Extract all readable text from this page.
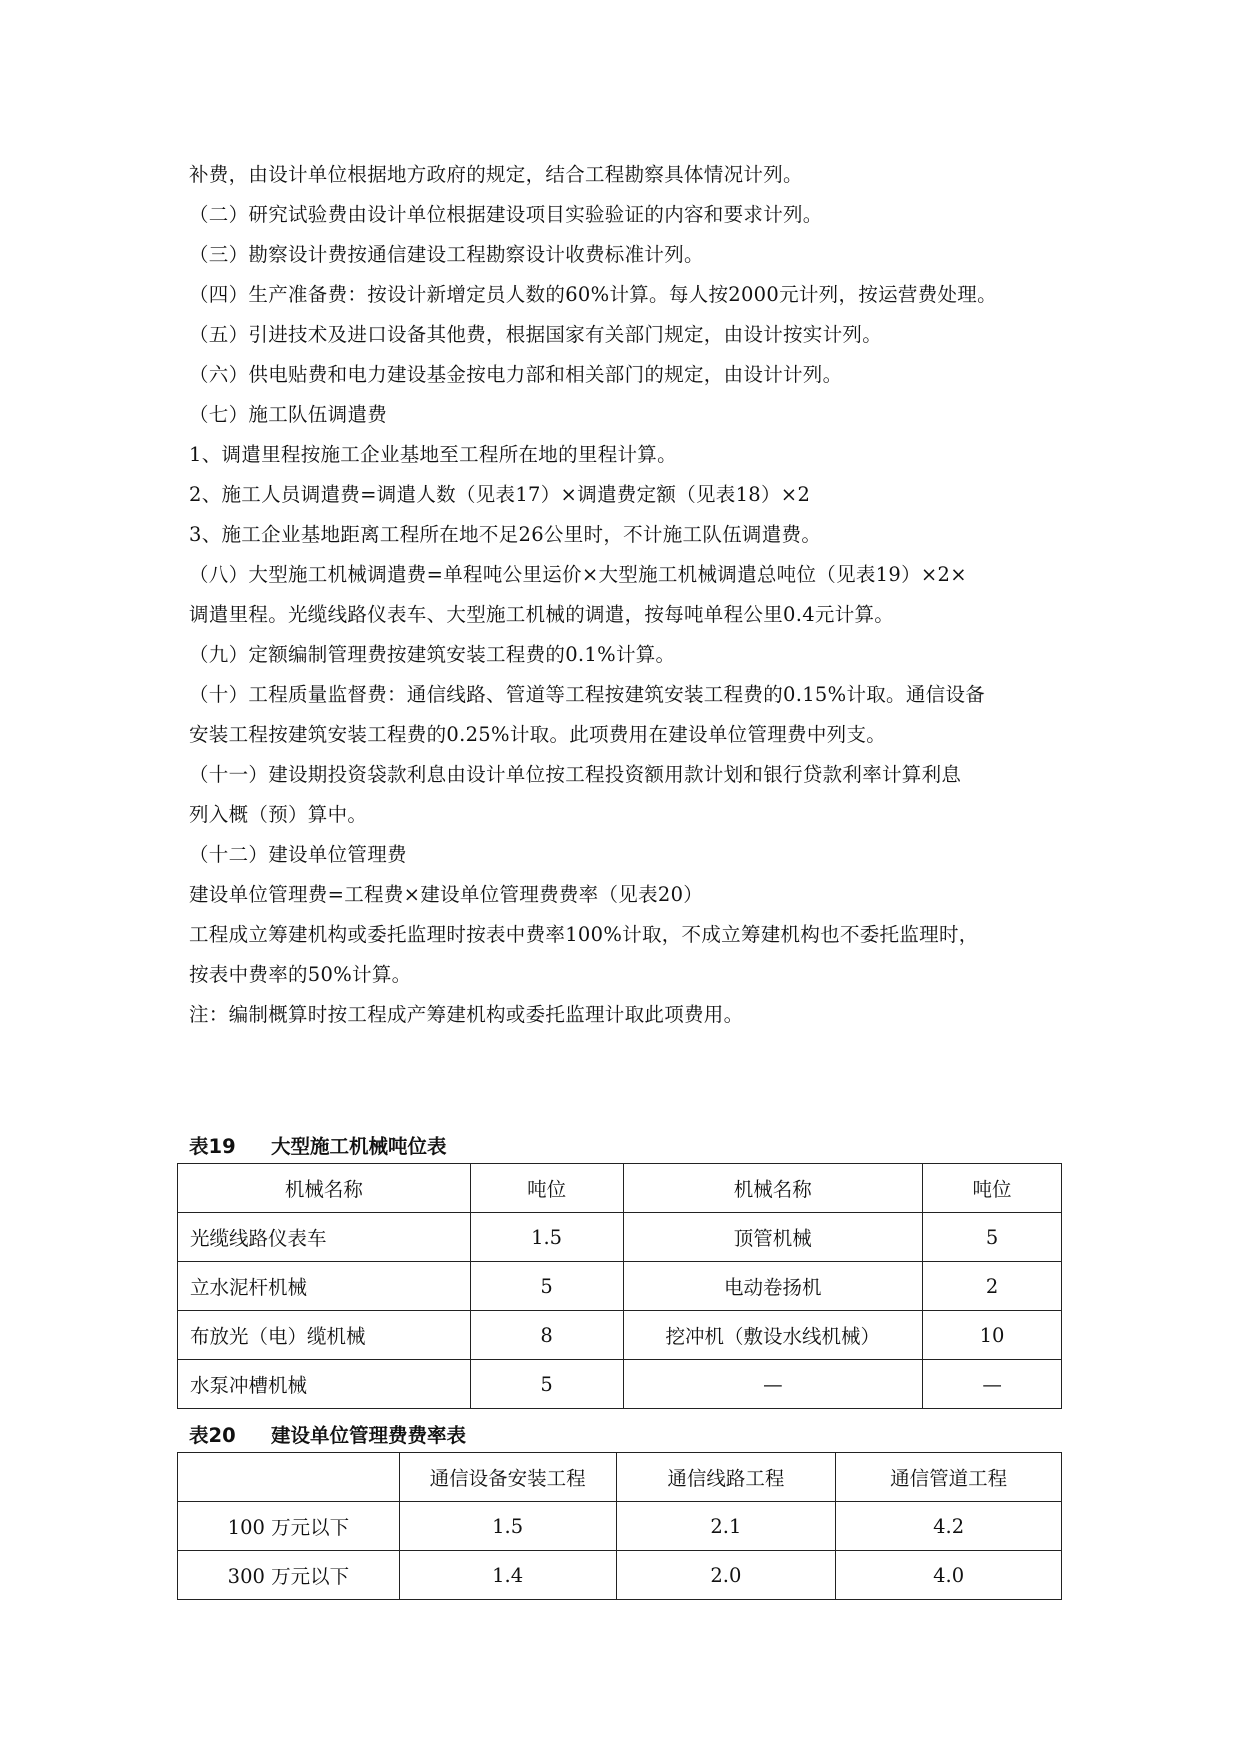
补费，由设计单位根据地方政府的规定，结合工程勘察具体情况计列。
（二）研究试验费由设计单位根据建设项目实验验证的内容和要求计列。
（三）勘察设计费按通信建设工程勘察设计收费标准计列。
（四）生产准备费：按设计新增定员人数的60%计算。每人按2000元计列，按运营费处理。
（五）引进技术及进口设备其他费，根据国家有关部门规定，由设计按实计列。
（六）供电贴费和电力建设基金按电力部和相关部门的规定，由设计计列。
（七）施工队伍调遣费
1、调遣里程按施工企业基地至工程所在地的里程计算。
2、施工人员调遣费=调遣人数（见表17）×调遣费定额（见表18）×2
3、施工企业基地距离工程所在地不足26公里时，不计施工队伍调遣费。
（八）大型施工机械调遣费=单程吨公里运价×大型施工机械调遣总吨位（见表19）×2×
调遣里程。光缆线路仪表车、大型施工机械的调遣，按每吨单程公里0.4元计算。
（九）定额编制管理费按建筑安装工程费的0.1%计算。
（十）工程质量监督费：通信线路、管道等工程按建筑安装工程费的0.15%计取。通信设备
安装工程按建筑安装工程费的0.25%计取。此项费用在建设单位管理费中列支。
（十一）建设期投资袋款利息由设计单位按工程投资额用款计划和银行贷款利率计算利息
列入概（预）算中。
（十二）建设单位管理费
建设单位管理费=工程费×建设单位管理费费率（见表20）
工程成立筹建机构或委托监理时按表中费率100%计取，不成立筹建机构也不委托监理时，
按表中费率的50%计算。
注：编制概算时按工程成产筹建机构或委托监理计取此项费用。
表19 大型施工机械吨位表
机械名称	吨位	机械名称	吨位
光缆线路仪表车	1.5	顶管机械	5
立水泥杆机械	5	电动卷扬机	2
布放光（电）缆机械	8	挖冲机（敷设水线机械）	10
水泵冲槽机械	5	—	—
表20 建设单位管理费费率表
	通信设备安装工程	通信线路工程	通信管道工程
100 万元以下	1.5	2.1	4.2
300 万元以下	1.4	2.0	4.0
